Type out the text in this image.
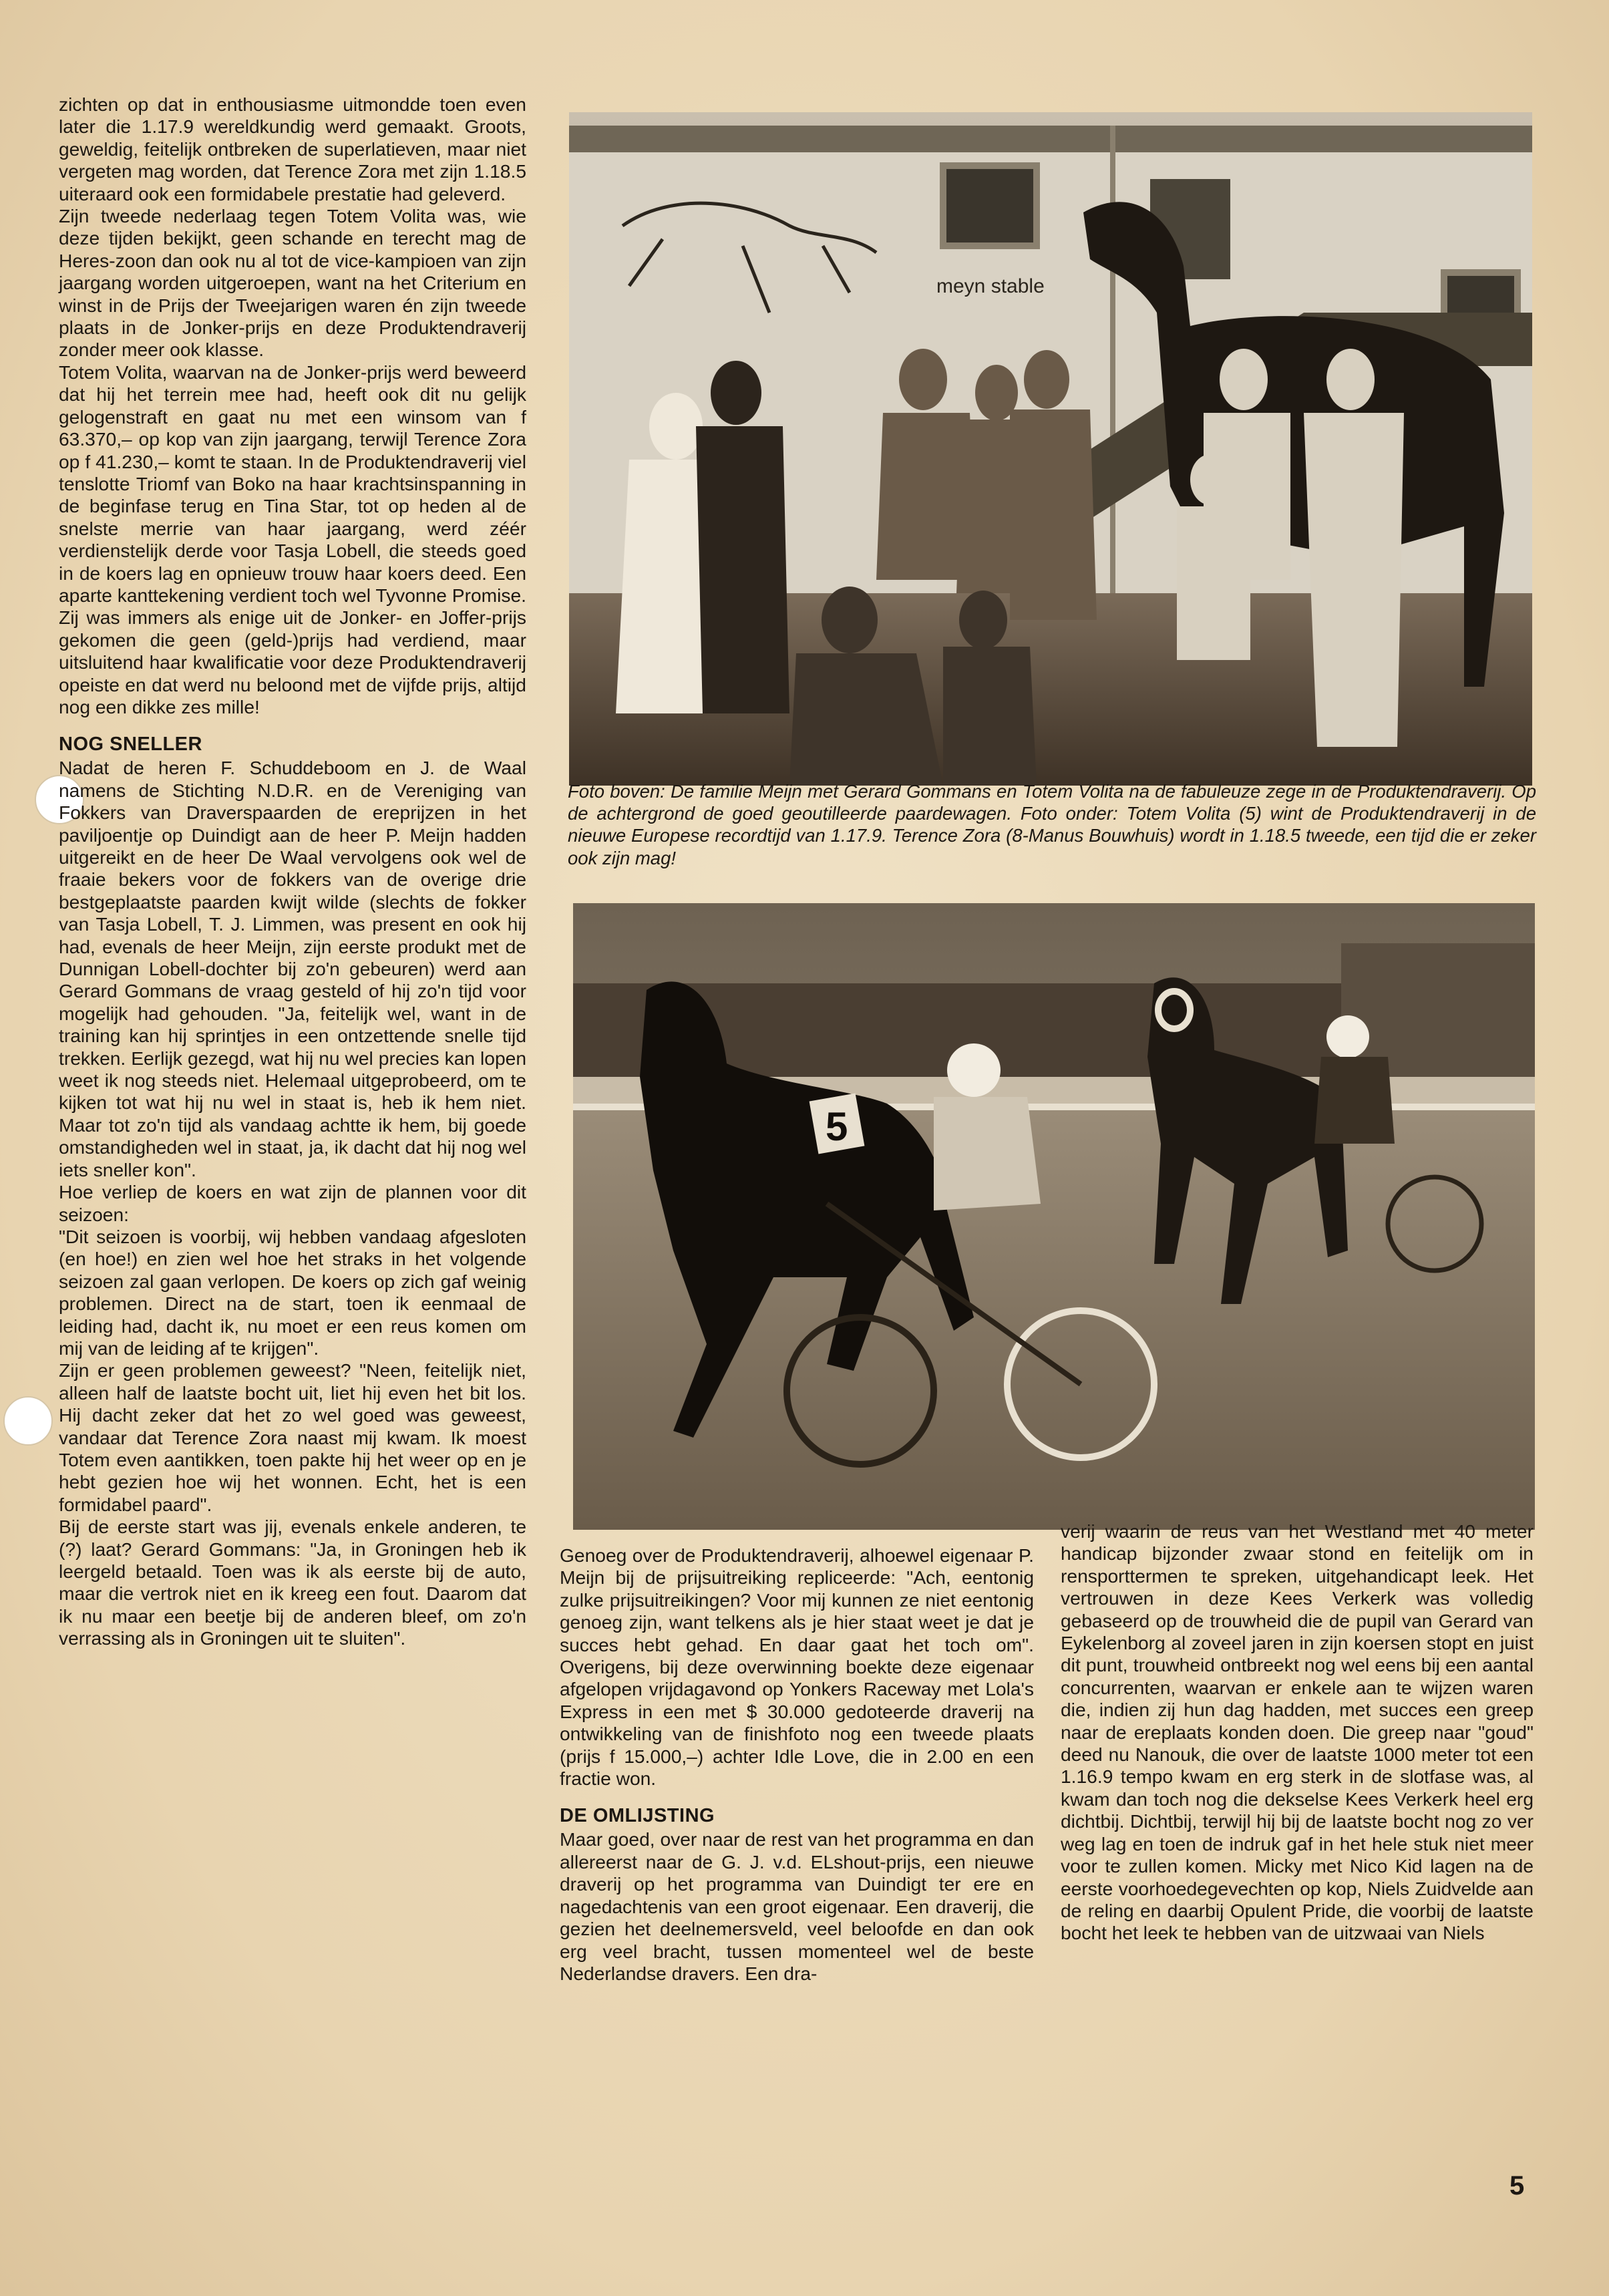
zichten op dat in enthousiasme uitmondde toen even later die 1.17.9 wereldkundig werd gemaakt. Groots, geweldig, feitelijk ontbreken de superlatieven, maar niet vergeten mag worden, dat Terence Zora met zijn 1.18.5 uiteraard ook een formidabele prestatie had geleverd.

Zijn tweede nederlaag tegen Totem Volita was, wie deze tijden bekijkt, geen schande en terecht mag de Heres-zoon dan ook nu al tot de vice-kampioen van zijn jaargang worden uitgeroepen, want na het Criterium en winst in de Prijs der Tweejarigen waren én zijn tweede plaats in de Jonker-prijs en deze Produktendraverij zonder meer ook klasse.

Totem Volita, waarvan na de Jonker-prijs werd beweerd dat hij het terrein mee had, heeft ook dit nu gelijk gelogenstraft en gaat nu met een winsom van f 63.370,– op kop van zijn jaargang, terwijl Terence Zora op f 41.230,– komt te staan. In de Produktendraverij viel tenslotte Triomf van Boko na haar krachtsinspanning in de beginfase terug en Tina Star, tot op heden al de snelste merrie van haar jaargang, werd zéér verdienstelijk derde voor Tasja Lobell, die steeds goed in de koers lag en opnieuw trouw haar koers deed. Een aparte kanttekening verdient toch wel Tyvonne Promise. Zij was immers als enige uit de Jonker- en Joffer-prijs gekomen die geen (geld-)prijs had verdiend, maar uitsluitend haar kwalificatie voor deze Produktendraverij opeiste en dat werd nu beloond met de vijfde prijs, altijd nog een dikke zes mille!

NOG SNELLER

Nadat de heren F. Schuddeboom en J. de Waal namens de Stichting N.D.R. en de Vereniging van Fokkers van Draverspaarden de ereprijzen in het paviljoentje op Duindigt aan de heer P. Meijn hadden uitgereikt en de heer De Waal vervolgens ook wel de fraaie bekers voor de fokkers van de overige drie bestgeplaatste paarden kwijt wilde (slechts de fokker van Tasja Lobell, T. J. Limmen, was present en ook hij had, evenals de heer Meijn, zijn eerste produkt met de Dunnigan Lobell-dochter bij zo'n gebeuren) werd aan Gerard Gommans de vraag gesteld of hij zo'n tijd voor mogelijk had gehouden. "Ja, feitelijk wel, want in de training kan hij sprintjes in een ontzettende snelle tijd trekken. Eerlijk gezegd, wat hij nu wel precies kan lopen weet ik nog steeds niet. Helemaal uitgeprobeerd, om te kijken tot wat hij nu wel in staat is, heb ik hem niet. Maar tot zo'n tijd als vandaag achtte ik hem, bij goede omstandigheden wel in staat, ja, ik dacht dat hij nog wel iets sneller kon".

Hoe verliep de koers en wat zijn de plannen voor dit seizoen:

"Dit seizoen is voorbij, wij hebben vandaag afgesloten (en hoe!) en zien wel hoe het straks in het volgende seizoen zal gaan verlopen. De koers op zich gaf weinig problemen. Direct na de start, toen ik eenmaal de leiding had, dacht ik, nu moet er een reus komen om mij van de leiding af te krijgen".

Zijn er geen problemen geweest? "Neen, feitelijk niet, alleen half de laatste bocht uit, liet hij even het bit los. Hij dacht zeker dat het zo wel goed was geweest, vandaar dat Terence Zora naast mij kwam. Ik moest Totem even aantikken, toen pakte hij het weer op en je hebt gezien hoe wij het wonnen. Echt, het is een formidabel paard".

Bij de eerste start was jij, evenals enkele anderen, te (?) laat? Gerard Gommans: "Ja, in Groningen heb ik leergeld betaald. Toen was ik als eerste bij de auto, maar die vertrok niet en ik kreeg een fout. Daarom dat ik nu maar een beetje bij de anderen bleef, om zo'n verrassing als in Groningen uit te sluiten".

meyn stable
Foto boven: De familie Meijn met Gerard Gommans en Totem Volita na de fabuleuze zege in de Produktendraverij. Op de achtergrond de goed geoutilleerde paardewagen. Foto onder: Totem Volita (5) wint de Produktendraverij in de nieuwe Europese recordtijd van 1.17.9. Terence Zora (8-Manus Bouwhuis) wordt in 1.18.5 tweede, een tijd die er zeker ook zijn mag!
5

Genoeg over de Produktendraverij, alhoewel eigenaar P. Meijn bij de prijsuitreiking repliceerde: "Ach, eentonig zulke prijsuitreikingen? Voor mij kunnen ze niet eentonig genoeg zijn, want telkens als je hier staat weet je dat je succes hebt gehad. En daar gaat het toch om". Overigens, bij deze overwinning boekte deze eigenaar afgelopen vrijdagavond op Yonkers Raceway met Lola's Express in een met $ 30.000 gedoteerde draverij na ontwikkeling van de finishfoto nog een tweede plaats (prijs f 15.000,–) achter Idle Love, die in 2.00 en een fractie won.

DE OMLIJSTING

Maar goed, over naar de rest van het programma en dan allereerst naar de G. J. v.d. ELshout-prijs, een nieuwe draverij op het programma van Duindigt ter ere en nagedachtenis van een groot eigenaar. Een draverij, die gezien het deelnemersveld, veel beloofde en dan ook erg veel bracht, tussen momenteel wel de beste Nederlandse dravers. Een dra-

verij waarin de reus van het Westland met 40 meter handicap bijzonder zwaar stond en feitelijk om in rensporttermen te spreken, uitgehandicapt leek. Het vertrouwen in deze Kees Verkerk was volledig gebaseerd op de trouwheid die de pupil van Gerard van Eykelenborg al zoveel jaren in zijn koersen stopt en juist dit punt, trouwheid ontbreekt nog wel eens bij een aantal concurrenten, waarvan er enkele aan te wijzen waren die, indien zij hun dag hadden, met succes een greep naar de ereplaats konden doen. Die greep naar "goud" deed nu Nanouk, die over de laatste 1000 meter tot een 1.16.9 tempo kwam en erg sterk in de slotfase was, al kwam dan toch nog die dekselse Kees Verkerk heel erg dichtbij. Dichtbij, terwijl hij bij de laatste bocht nog zo ver weg lag en toen de indruk gaf in het hele stuk niet meer voor te zullen komen. Micky met Nico Kid lagen na de eerste voorhoedegevechten op kop, Niels Zuidvelde aan de reling en daarbij Opulent Pride, die voorbij de laatste bocht het leek te hebben van de uitzwaai van Niels

5
